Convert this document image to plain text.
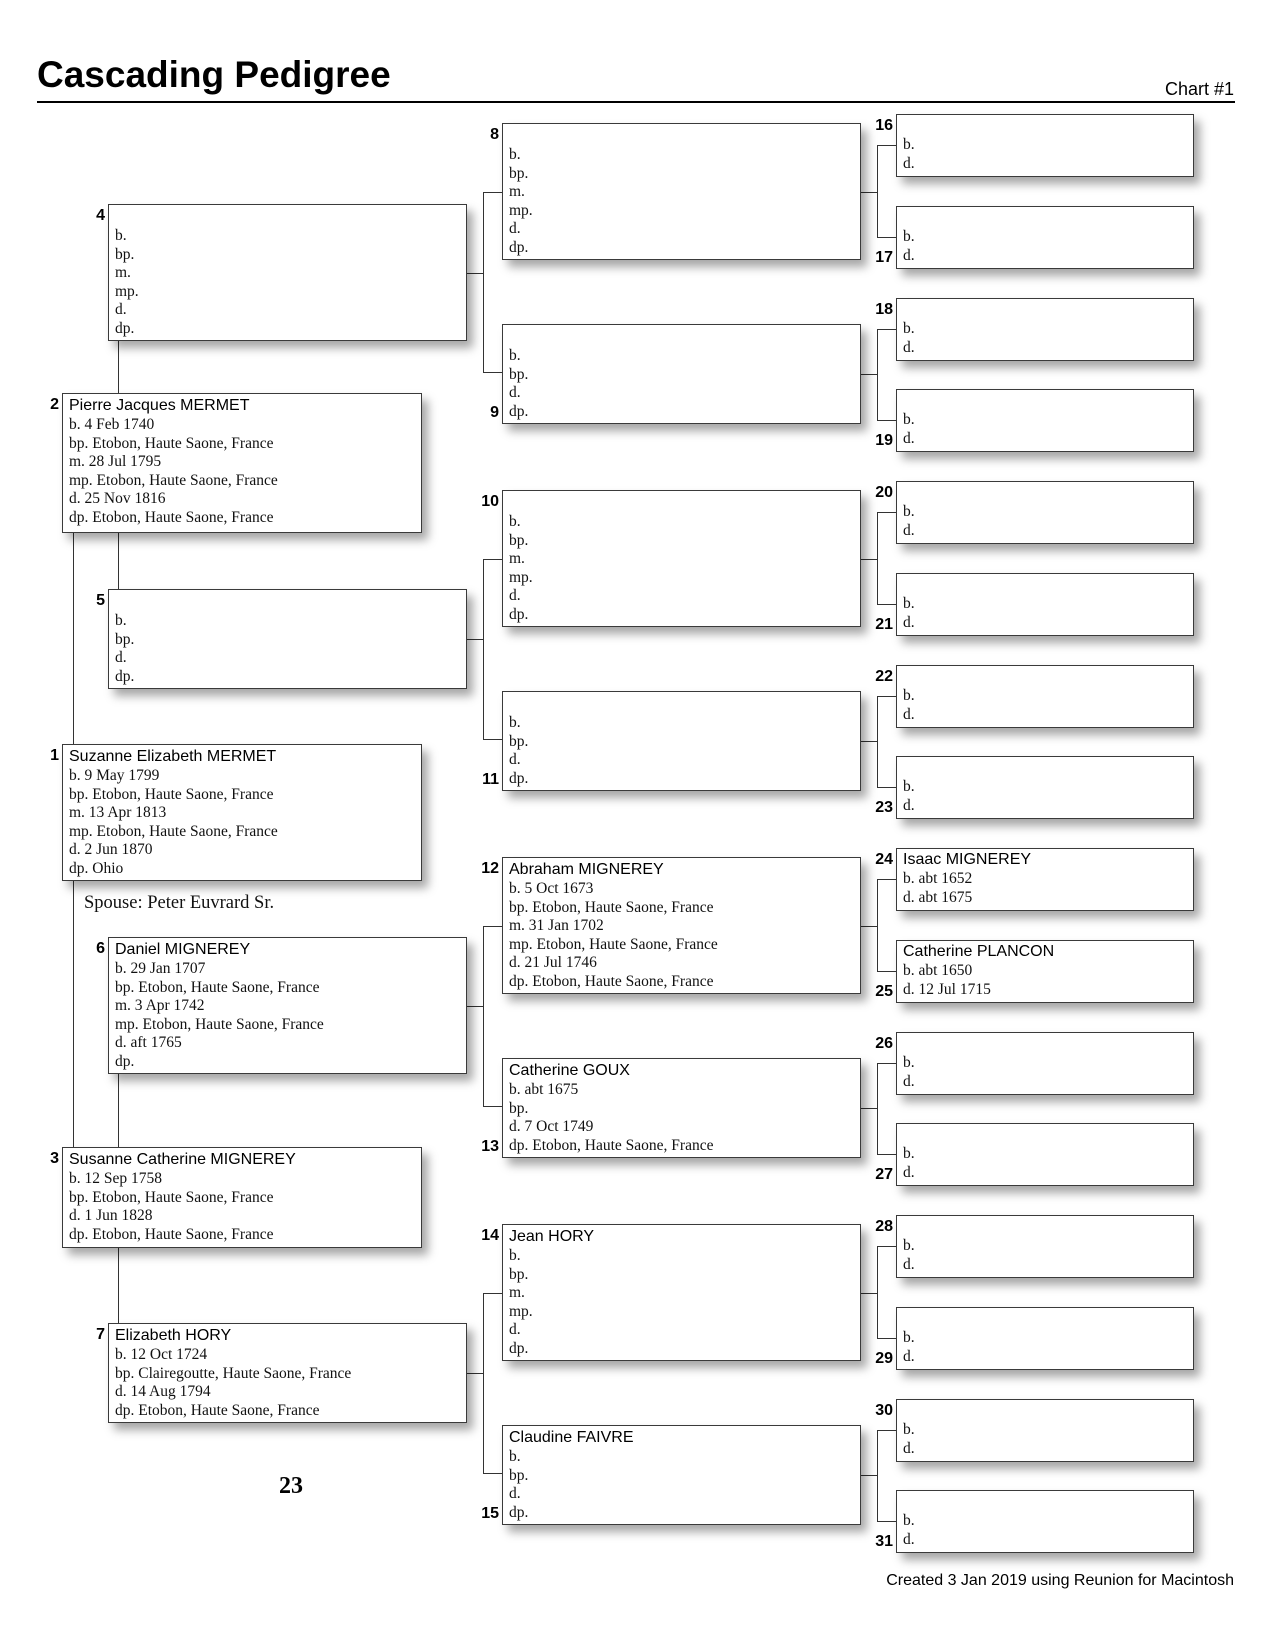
Cascading Pedigree	Chart #1
Suzanne Elizabeth MERMET
b. 9 May 1799
bp. Etobon, Haute Saone, France
m. 13 Apr 1813
mp. Etobon, Haute Saone, France
d. 2 Jun 1870
dp. Ohio
1
Pierre Jacques MERMET
b. 4 Feb 1740
bp. Etobon, Haute Saone, France
m. 28 Jul 1795
mp. Etobon, Haute Saone, France
d. 25 Nov 1816
dp. Etobon, Haute Saone, France
2
Susanne Catherine MIGNEREY
b. 12 Sep 1758
bp. Etobon, Haute Saone, France
d. 1 Jun 1828
dp. Etobon, Haute Saone, France
3
b.
bp.
m.
mp.
d.
dp.
4
b.
bp.
d.
dp.
5
Daniel MIGNEREY
b. 29 Jan 1707
bp. Etobon, Haute Saone, France
m. 3 Apr 1742
mp. Etobon, Haute Saone, France
d. aft 1765
dp.
6
Elizabeth HORY
b. 12 Oct 1724
bp. Clairegoutte, Haute Saone, France
d. 14 Aug 1794
dp. Etobon, Haute Saone, France
7
b.
bp.
m.
mp.
d.
dp.
8
b.
bp.
d.
dp.
9
b.
bp.
m.
mp.
d.
dp.
10
b.
bp.
d.
dp.
11
Abraham MIGNEREY
b. 5 Oct 1673
bp. Etobon, Haute Saone, France
m. 31 Jan 1702
mp. Etobon, Haute Saone, France
d. 21 Jul 1746
dp. Etobon, Haute Saone, France
12
Catherine GOUX
b. abt 1675
bp.
d. 7 Oct 1749
dp. Etobon, Haute Saone, France
13
Jean HORY
b.
bp.
m.
mp.
d.
dp.
14
Claudine FAIVRE
b.
bp.
d.
dp.
15
b.
d.
16
b.
d.
17
b.
d.
18
b.
d.
19
b.
d.
20
b.
d.
21
b.
d.
22
b.
d.
23
Isaac MIGNEREY
b. abt 1652
d. abt 1675
24
Catherine PLANCON
b. abt 1650
d. 12 Jul 1715
25
b.
d.
26
b.
d.
27
b.
d.
28
b.
d.
29
b.
d.
30
b.
d.
31
Spouse: Peter Euvrard Sr.
23
Created 3 Jan 2019 using Reunion for Macintosh
